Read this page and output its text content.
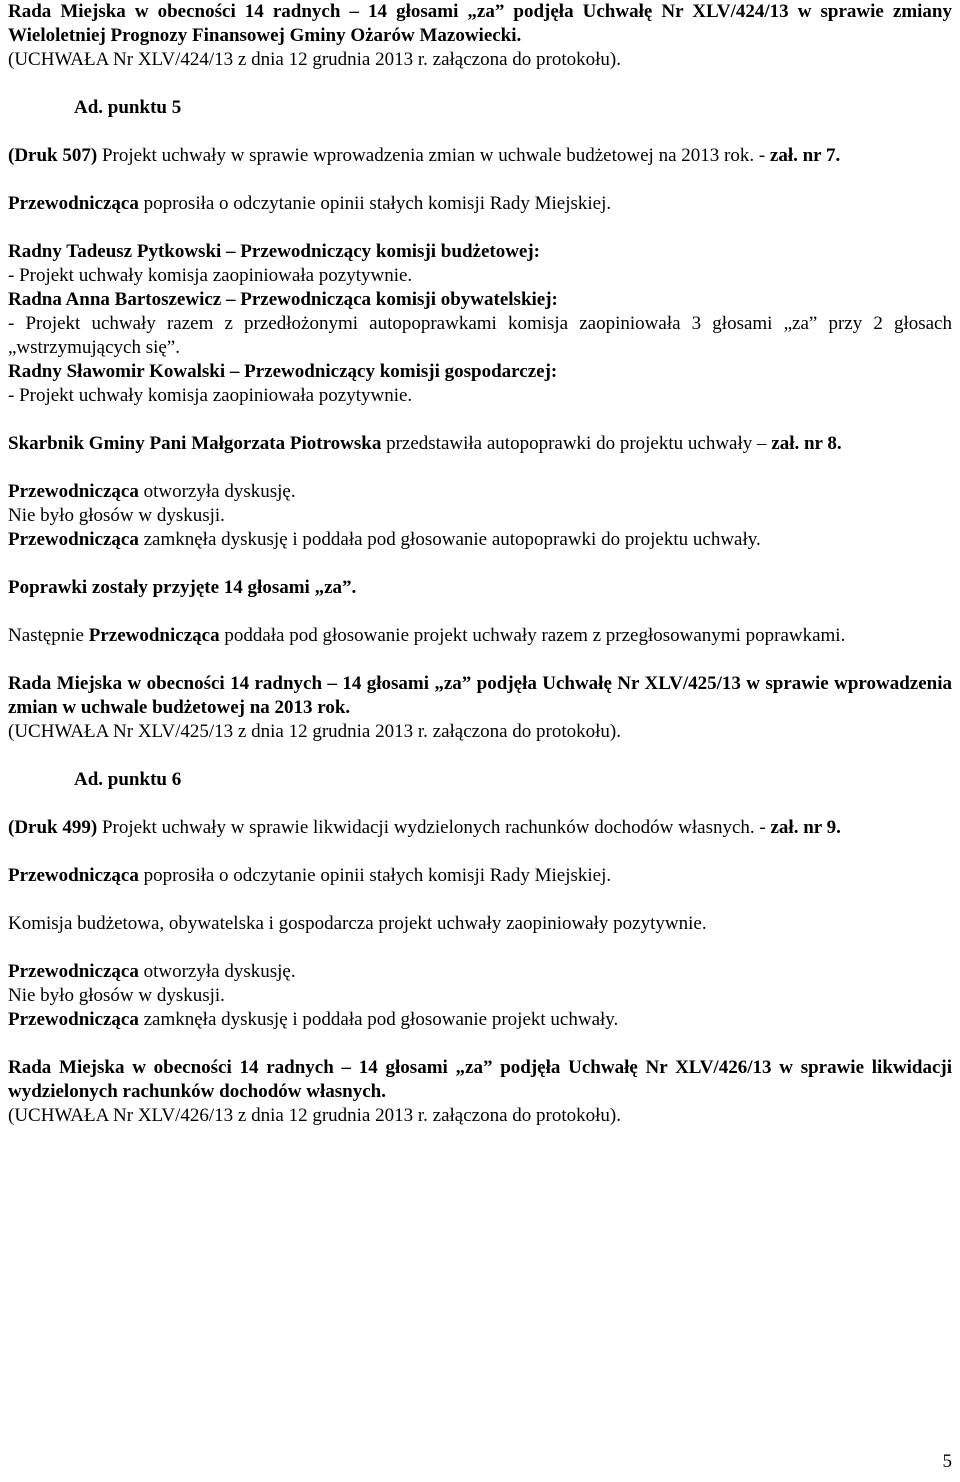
Rada Miejska w obecności 14 radnych – 14 głosami „za” podjęła Uchwałę Nr XLV/424/13 w sprawie zmiany Wieloletniej Prognozy Finansowej Gminy Ożarów Mazowiecki.

(UCHWAŁA Nr XLV/424/13 z dnia 12 grudnia 2013 r. załączona do protokołu).

Ad. punktu 5

(Druk 507) Projekt uchwały w sprawie wprowadzenia zmian w uchwale budżetowej na 2013 rok. - zał. nr 7.

Przewodnicząca poprosiła o odczytanie opinii stałych komisji Rady Miejskiej.

Radny Tadeusz Pytkowski – Przewodniczący komisji budżetowej:

- Projekt uchwały komisja zaopiniowała pozytywnie.

Radna Anna Bartoszewicz – Przewodnicząca komisji obywatelskiej:

- Projekt uchwały razem z przedłożonymi autopoprawkami komisja zaopiniowała 3 głosami „za” przy 2 głosach „wstrzymujących się”.

Radny Sławomir Kowalski – Przewodniczący komisji gospodarczej:

- Projekt uchwały komisja zaopiniowała pozytywnie.

Skarbnik Gminy Pani Małgorzata Piotrowska przedstawiła autopoprawki do projektu uchwały – zał. nr 8.

Przewodnicząca otworzyła dyskusję.

Nie było głosów w dyskusji.

Przewodnicząca zamknęła dyskusję i poddała pod głosowanie autopoprawki do projektu uchwały.

Poprawki zostały przyjęte 14 głosami „za”.

Następnie Przewodnicząca poddała pod głosowanie projekt uchwały razem z przegłosowanymi poprawkami.

Rada Miejska w obecności 14 radnych – 14 głosami „za” podjęła Uchwałę Nr XLV/425/13 w sprawie wprowadzenia zmian w uchwale budżetowej na 2013 rok.

(UCHWAŁA Nr XLV/425/13 z dnia 12 grudnia 2013 r. załączona do protokołu).

Ad. punktu 6

(Druk 499) Projekt uchwały w sprawie likwidacji wydzielonych rachunków dochodów własnych. - zał. nr 9.

Przewodnicząca poprosiła o odczytanie opinii stałych komisji Rady Miejskiej.

Komisja budżetowa, obywatelska i gospodarcza projekt uchwały zaopiniowały pozytywnie.

Przewodnicząca otworzyła dyskusję.

Nie było głosów w dyskusji.

Przewodnicząca zamknęła dyskusję i poddała pod głosowanie projekt uchwały.

Rada Miejska w obecności 14 radnych – 14 głosami „za” podjęła Uchwałę Nr XLV/426/13 w sprawie likwidacji wydzielonych rachunków dochodów własnych.

(UCHWAŁA Nr XLV/426/13 z dnia 12 grudnia 2013 r. załączona do protokołu).

5
